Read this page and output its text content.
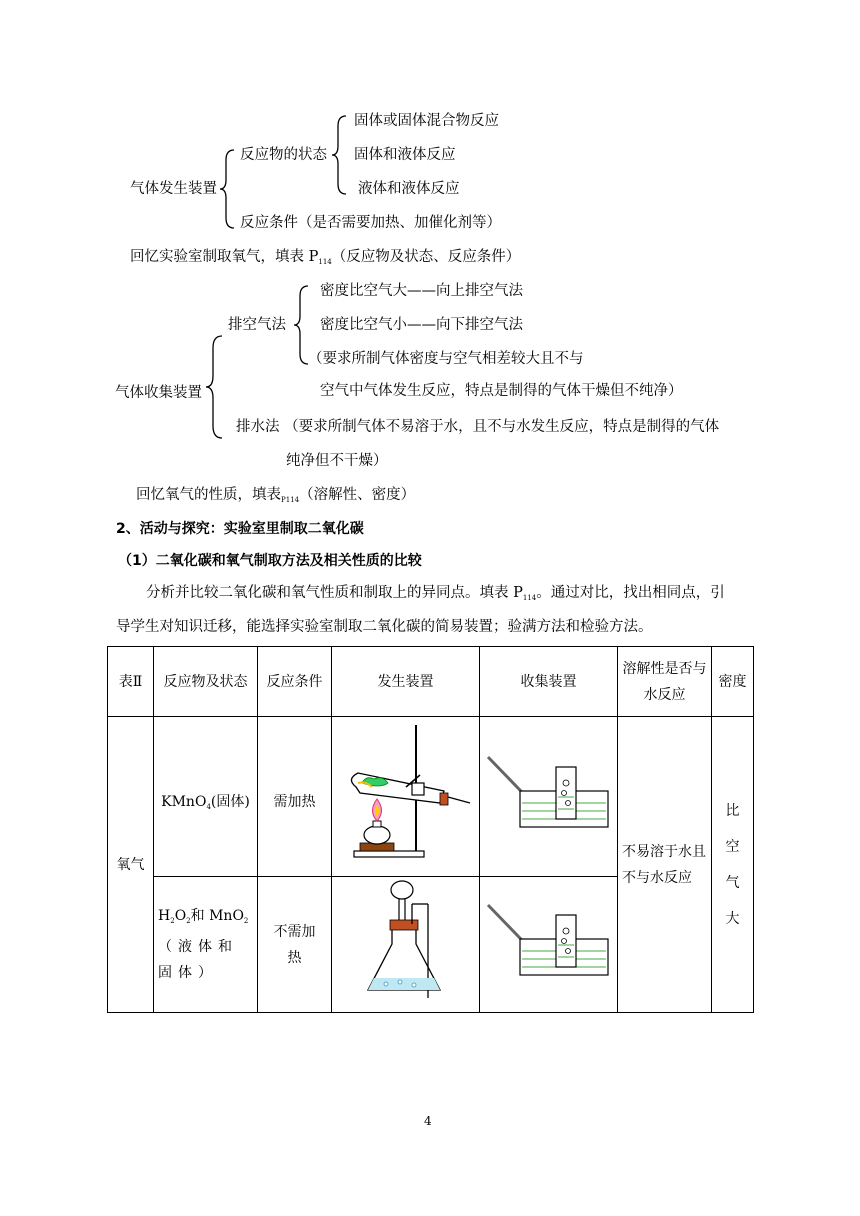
固体或固体混合物反应
反应物的状态 固体和液体反应
气体发生装置	液体和液体反应
反应条件（是否需要加热、加催化剂等）
回忆实验室制取氧气，填表 $P_{114}$（反应物及状态、反应条件）
密度比空气大——向上排空气法
排空气法 密度比空气小——向下排空气法
（要求所制气体密度与空气相差较大且不与
气体收集装置	空气中气体发生反应，特点是制得的气体干燥但不纯净）
排水法 （要求所制气体不易溶于水，且不与水发生反应，特点是制得的气体
纯净但不干燥）
回忆氧气的性质，填表$_{P114}$（溶解性、密度）
2、活动与探究：实验室里制取二氧化碳
（1）二氧化碳和氧气制取方法及相关性质的比较
分析并比较二氧化碳和氧气性质和制取上的异同点。填表 $P_{114}$。通过对比，找出相同点，引
导学生对知识迁移，能选择实验室制取二氧化碳的简易装置；验满方法和检验方法。
表Ⅱ	反应物及状态	反应条件	发生装置	收集装置	溶解性是否与水反应	密度
氧气	KMnO$_4$(固体)	需加热			不易溶于水且不与水反应	比空气大
	$H_2O_2$和 MnO$_2$
（液体和固体）	不需加热		
4
